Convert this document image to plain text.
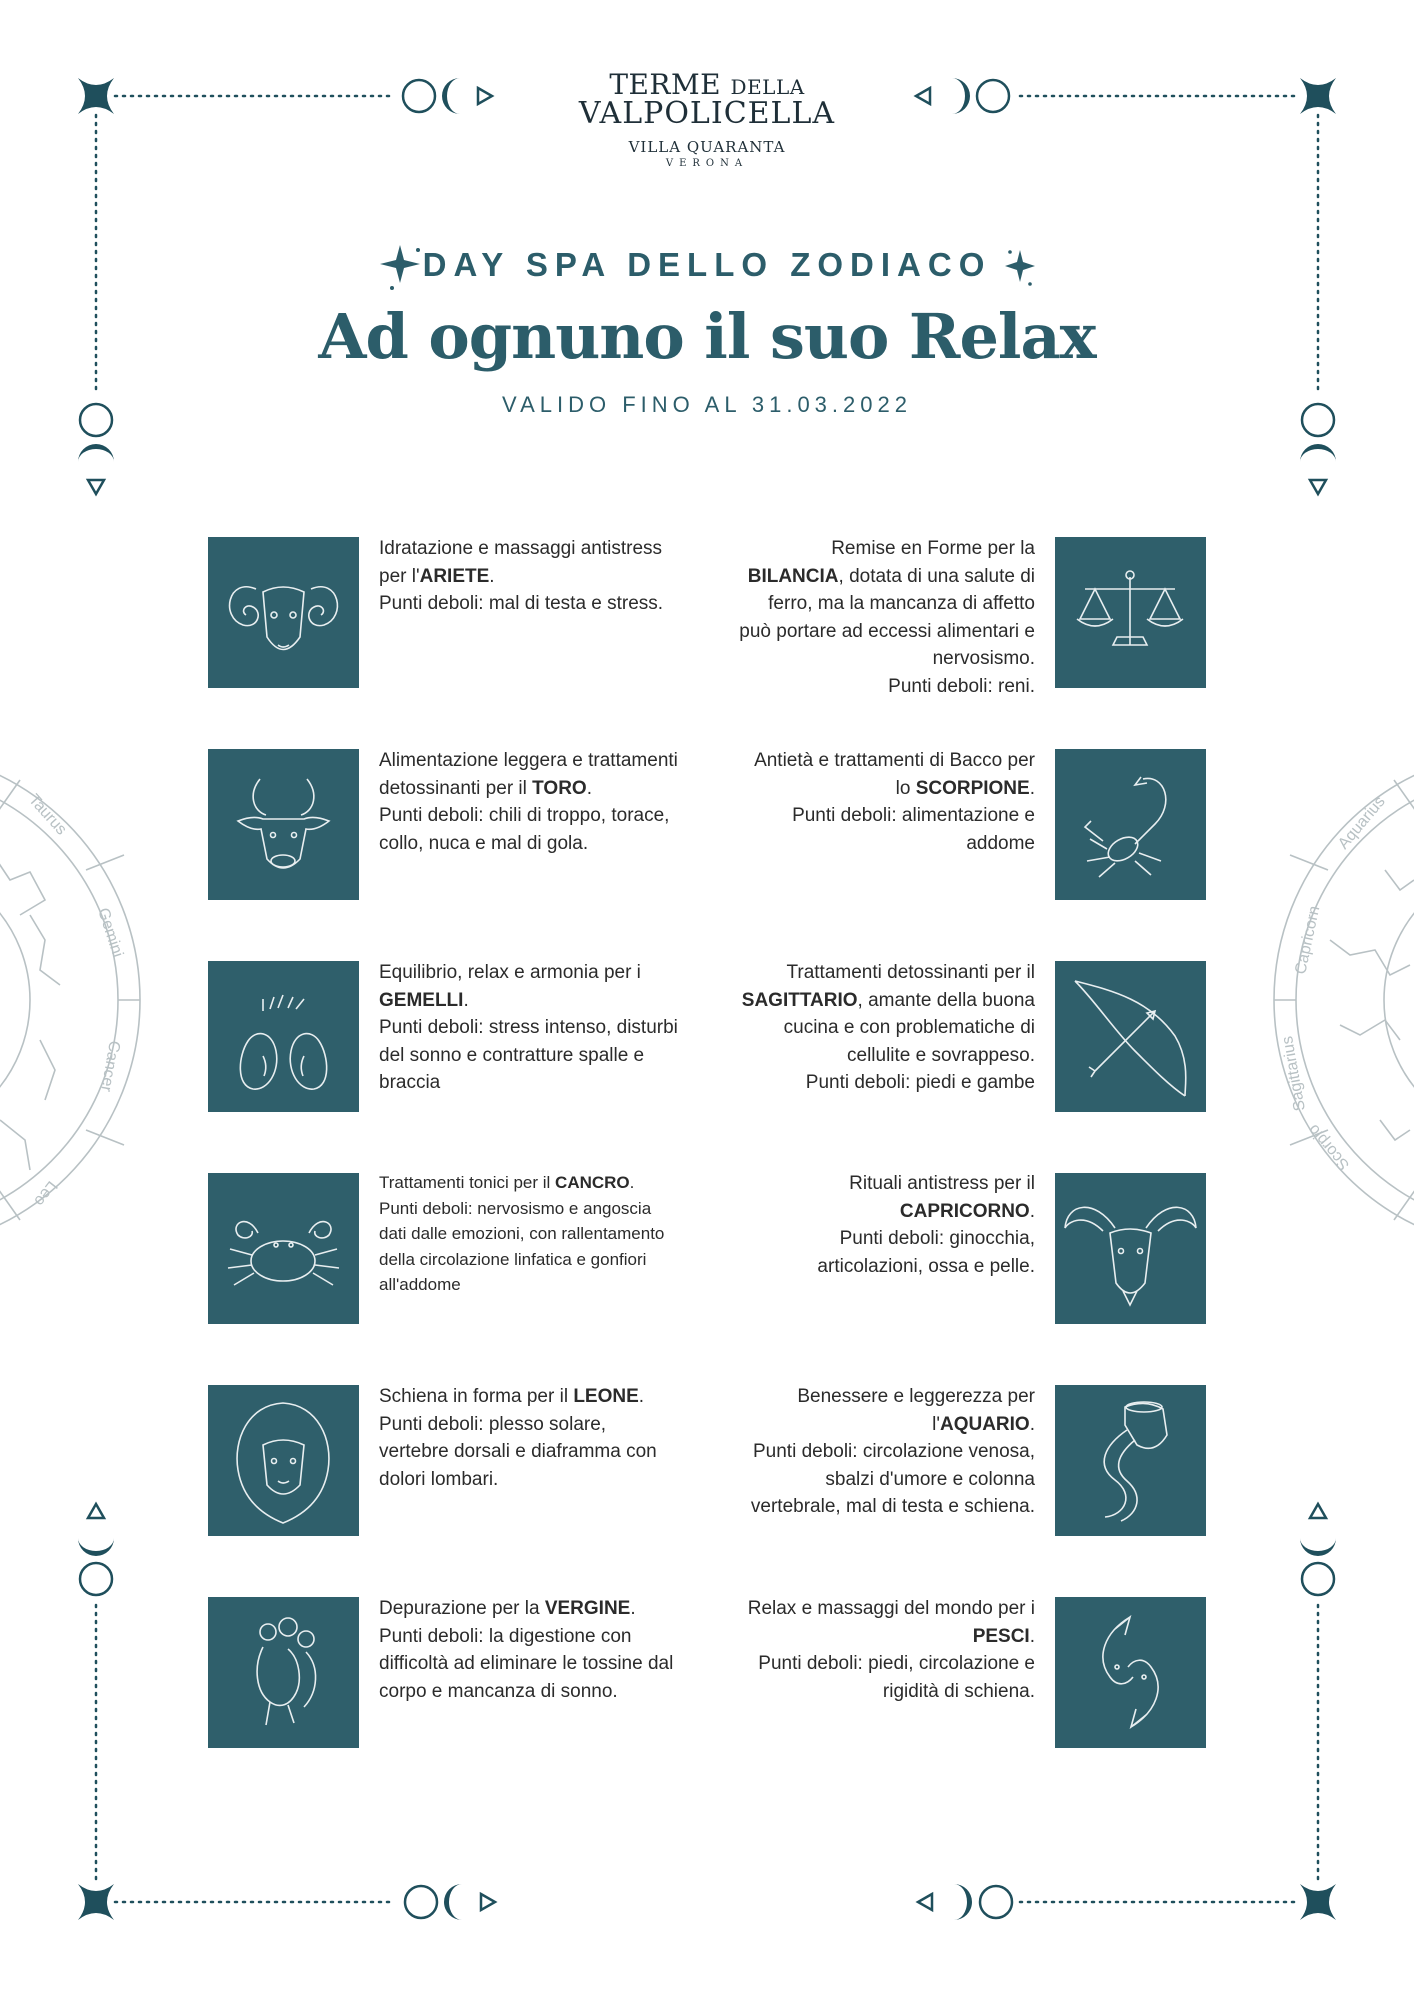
Taurus
Gemini
Cancer
Leo
Aquarius
Capricorn
Sagittarius
Scorpio
TERME DELLA
VALPOLICELLA
VILLA QUARANTA
VERONA
DAY SPA DELLO ZODIACO
Ad ognuno il suo Relax
VALIDO FINO AL 31.03.2022
Idratazione e massaggi antistress per l'ARIETE.
Punti deboli: mal di testa e stress.
Alimentazione leggera e trattamenti detossinanti per il TORO.
Punti deboli: chili di troppo, torace, collo, nuca e mal di gola.
Equilibrio, relax e armonia per i GEMELLI.
Punti deboli: stress intenso, disturbi del sonno e contratture spalle e braccia
Trattamenti tonici per il CANCRO.
Punti deboli: nervosismo e angoscia dati dalle emozioni, con rallentamento della circolazione linfatica e gonfiori all'addome
Schiena in forma per il LEONE.
Punti deboli: plesso solare, vertebre dorsali e diaframma con dolori lombari.
Depurazione per la VERGINE.
Punti deboli: la digestione con difficoltà ad eliminare le tossine dal corpo e mancanza di sonno.
Remise en Forme per la BILANCIA, dotata di una salute di ferro, ma la mancanza di affetto può portare ad eccessi alimentari e nervosismo.
Punti deboli: reni.
Antietà e trattamenti di Bacco per lo SCORPIONE.
Punti deboli: alimentazione e addome
Trattamenti detossinanti per il SAGITTARIO, amante della buona cucina e con problematiche di cellulite e sovrappeso.
Punti deboli: piedi e gambe
Rituali antistress per il CAPRICORNO.
Punti deboli: ginocchia, articolazioni, ossa e pelle.
Benessere e leggerezza per l'AQUARIO.
Punti deboli: circolazione venosa, sbalzi d'umore e colonna vertebrale, mal di testa e schiena.
Relax e massaggi del mondo per i PESCI.
Punti deboli: piedi, circolazione e rigidità di schiena.
